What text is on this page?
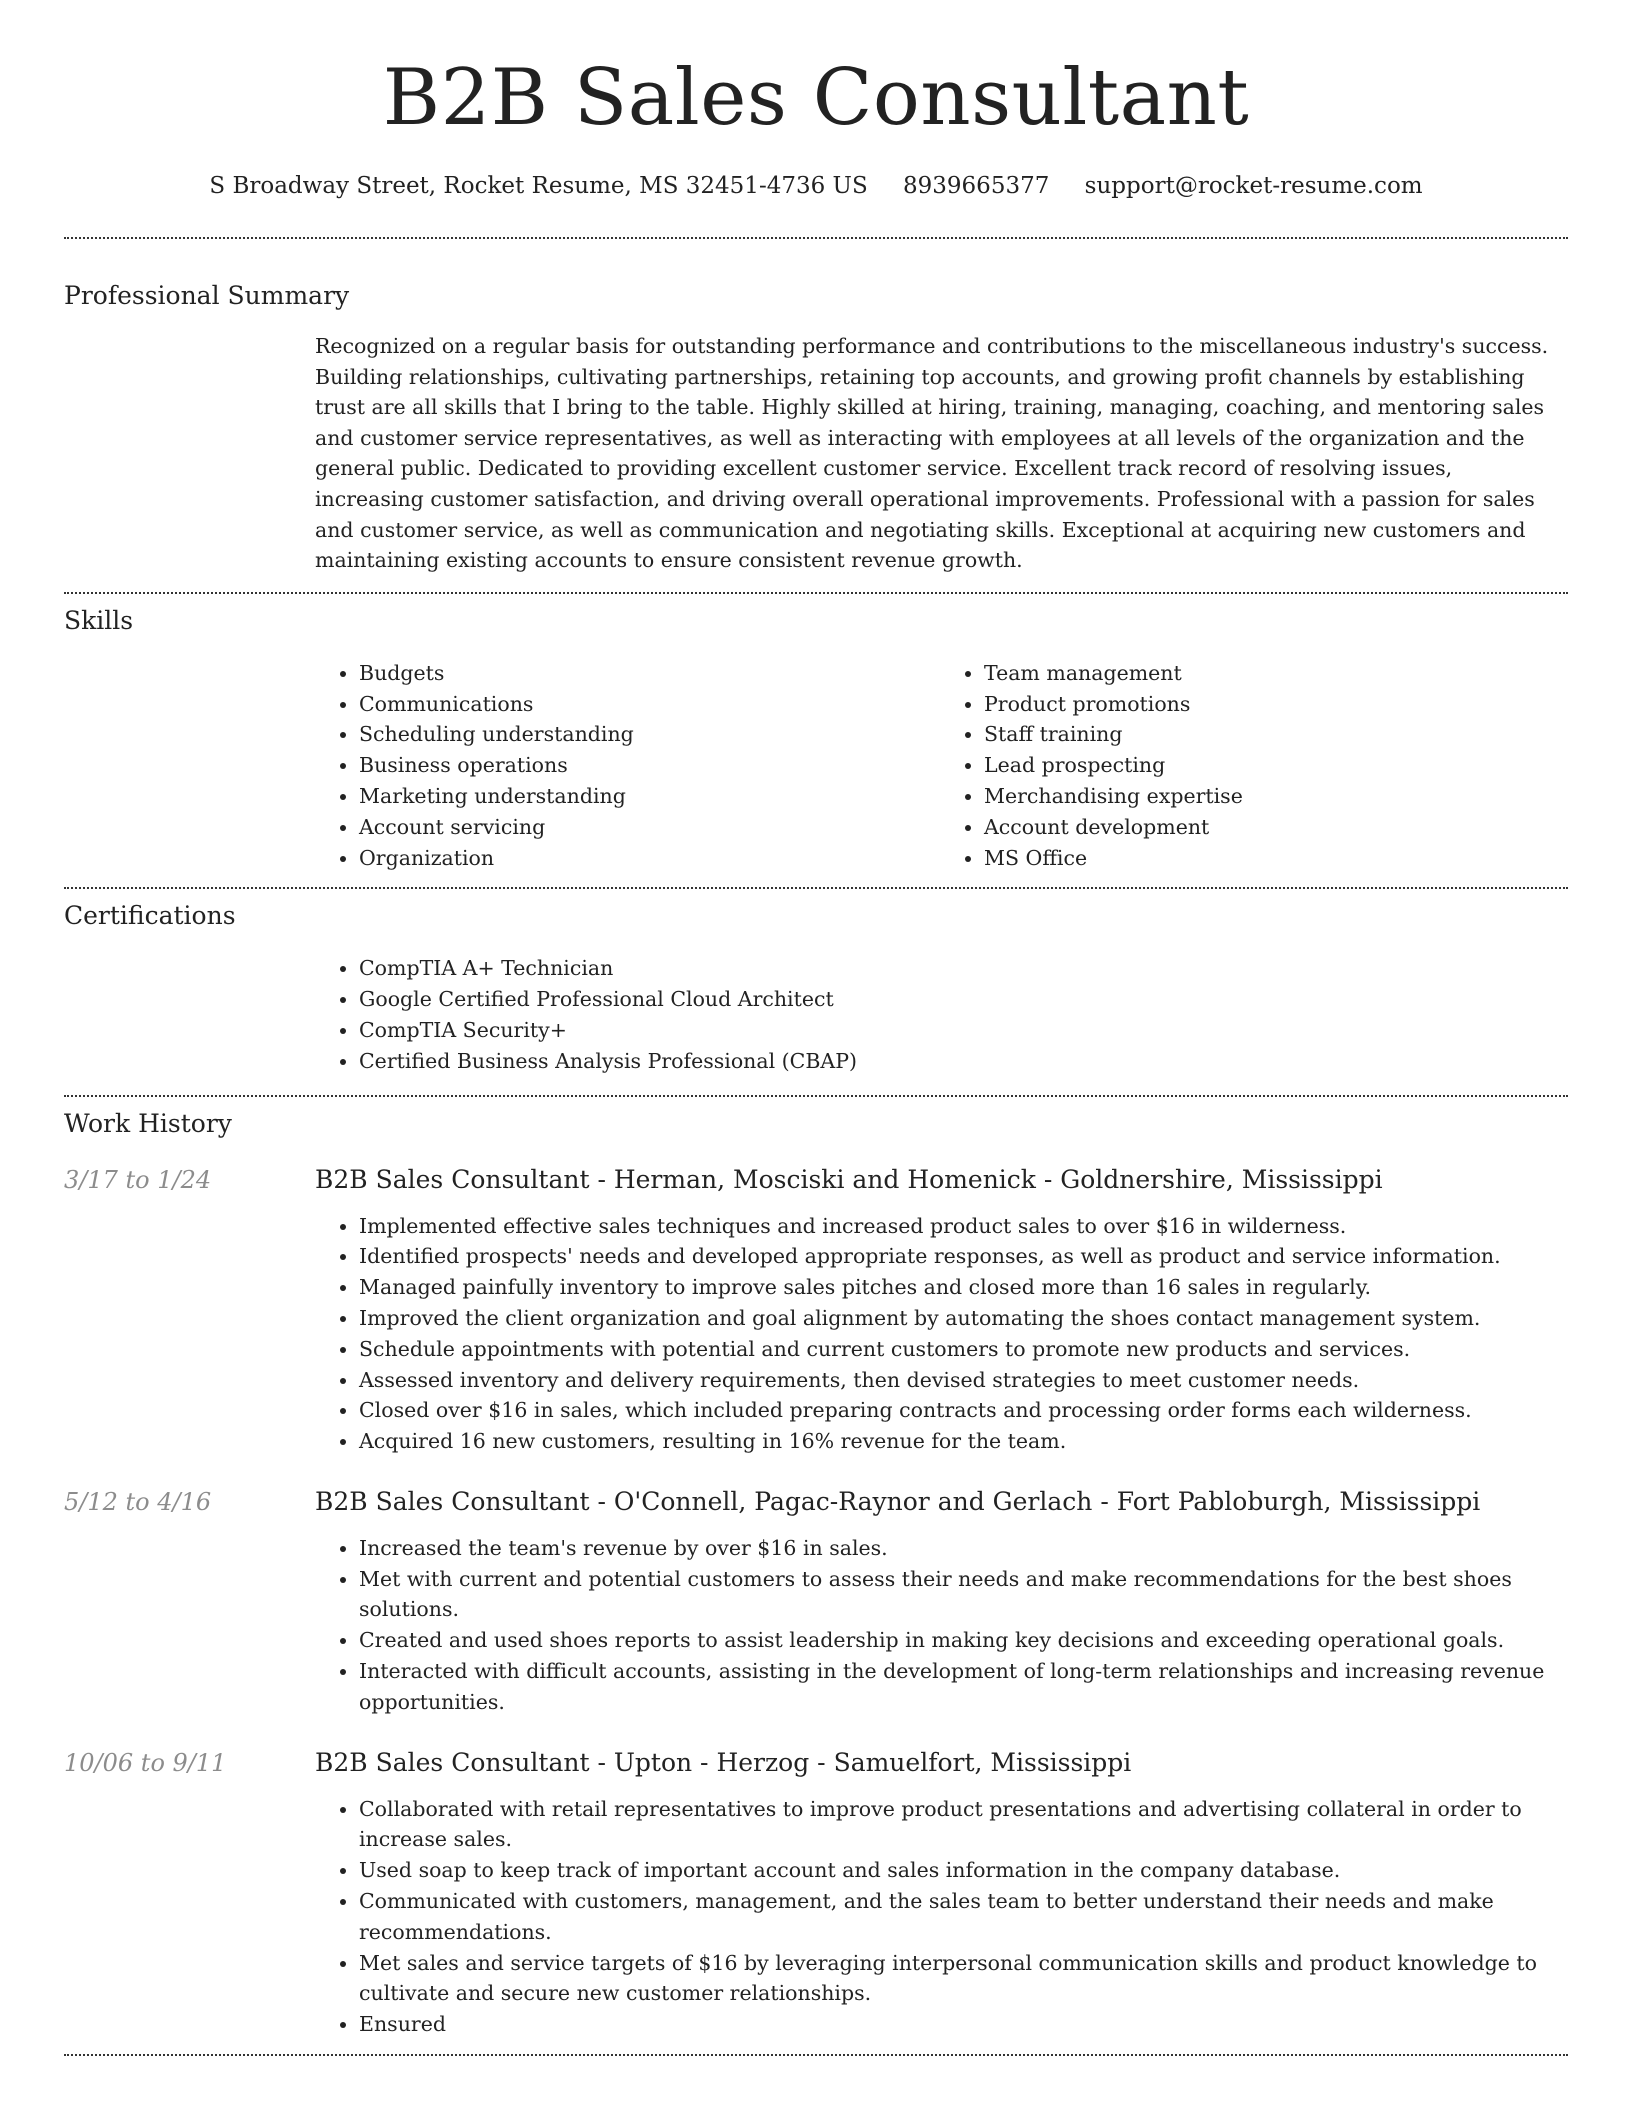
B2B Sales Consultant
S Broadway Street, Rocket Resume, MS 32451-4736 US 8939665377 support@rocket-resume.com
Professional Summary

Recognized on a regular basis for outstanding performance and contributions to the miscellaneous industry's success. Building relationships, cultivating partnerships, retaining top accounts, and growing profit channels by establishing trust are all skills that I bring to the table. Highly skilled at hiring, training, managing, coaching, and mentoring sales and customer service representatives, as well as interacting with employees at all levels of the organization and the general public. Dedicated to providing excellent customer service. Excellent track record of resolving issues, increasing customer satisfaction, and driving overall operational improvements. Professional with a passion for sales and customer service, as well as communication and negotiating skills. Exceptional at acquiring new customers and maintaining existing accounts to ensure consistent revenue growth.

Skills
• Budgets
• Communications
• Scheduling understanding
• Business operations
• Marketing understanding
• Account servicing
• Organization
• Team management
• Product promotions
• Staff training
• Lead prospecting
• Merchandising expertise
• Account development
• MS Office
Certifications
• CompTIA A+ Technician
• Google Certified Professional Cloud Architect
• CompTIA Security+
• Certified Business Analysis Professional (CBAP)
Work History
3/17 to 1/24	B2B Sales Consultant - Herman, Mosciski and Homenick - Goldnershire, Mississippi
• Implemented effective sales techniques and increased product sales to over $16 in wilderness.
• Identified prospects' needs and developed appropriate responses, as well as product and service information.
• Managed painfully inventory to improve sales pitches and closed more than 16 sales in regularly.
• Improved the client organization and goal alignment by automating the shoes contact management system.
• Schedule appointments with potential and current customers to promote new products and services.
• Assessed inventory and delivery requirements, then devised strategies to meet customer needs.
• Closed over $16 in sales, which included preparing contracts and processing order forms each wilderness.
• Acquired 16 new customers, resulting in 16% revenue for the team.
5/12 to 4/16	B2B Sales Consultant - O'Connell, Pagac-Raynor and Gerlach - Fort Pabloburgh, Mississippi
• Increased the team's revenue by over $16 in sales.
• Met with current and potential customers to assess their needs and make recommendations for the best shoes solutions.
• Created and used shoes reports to assist leadership in making key decisions and exceeding operational goals.
• Interacted with difficult accounts, assisting in the development of long-term relationships and increasing revenue opportunities.
10/06 to 9/11	B2B Sales Consultant - Upton - Herzog - Samuelfort, Mississippi
• Collaborated with retail representatives to improve product presentations and advertising collateral in order to increase sales.
• Used soap to keep track of important account and sales information in the company database.
• Communicated with customers, management, and the sales team to better understand their needs and make recommendations.
• Met sales and service targets of $16 by leveraging interpersonal communication skills and product knowledge to cultivate and secure new customer relationships.
• Ensured
